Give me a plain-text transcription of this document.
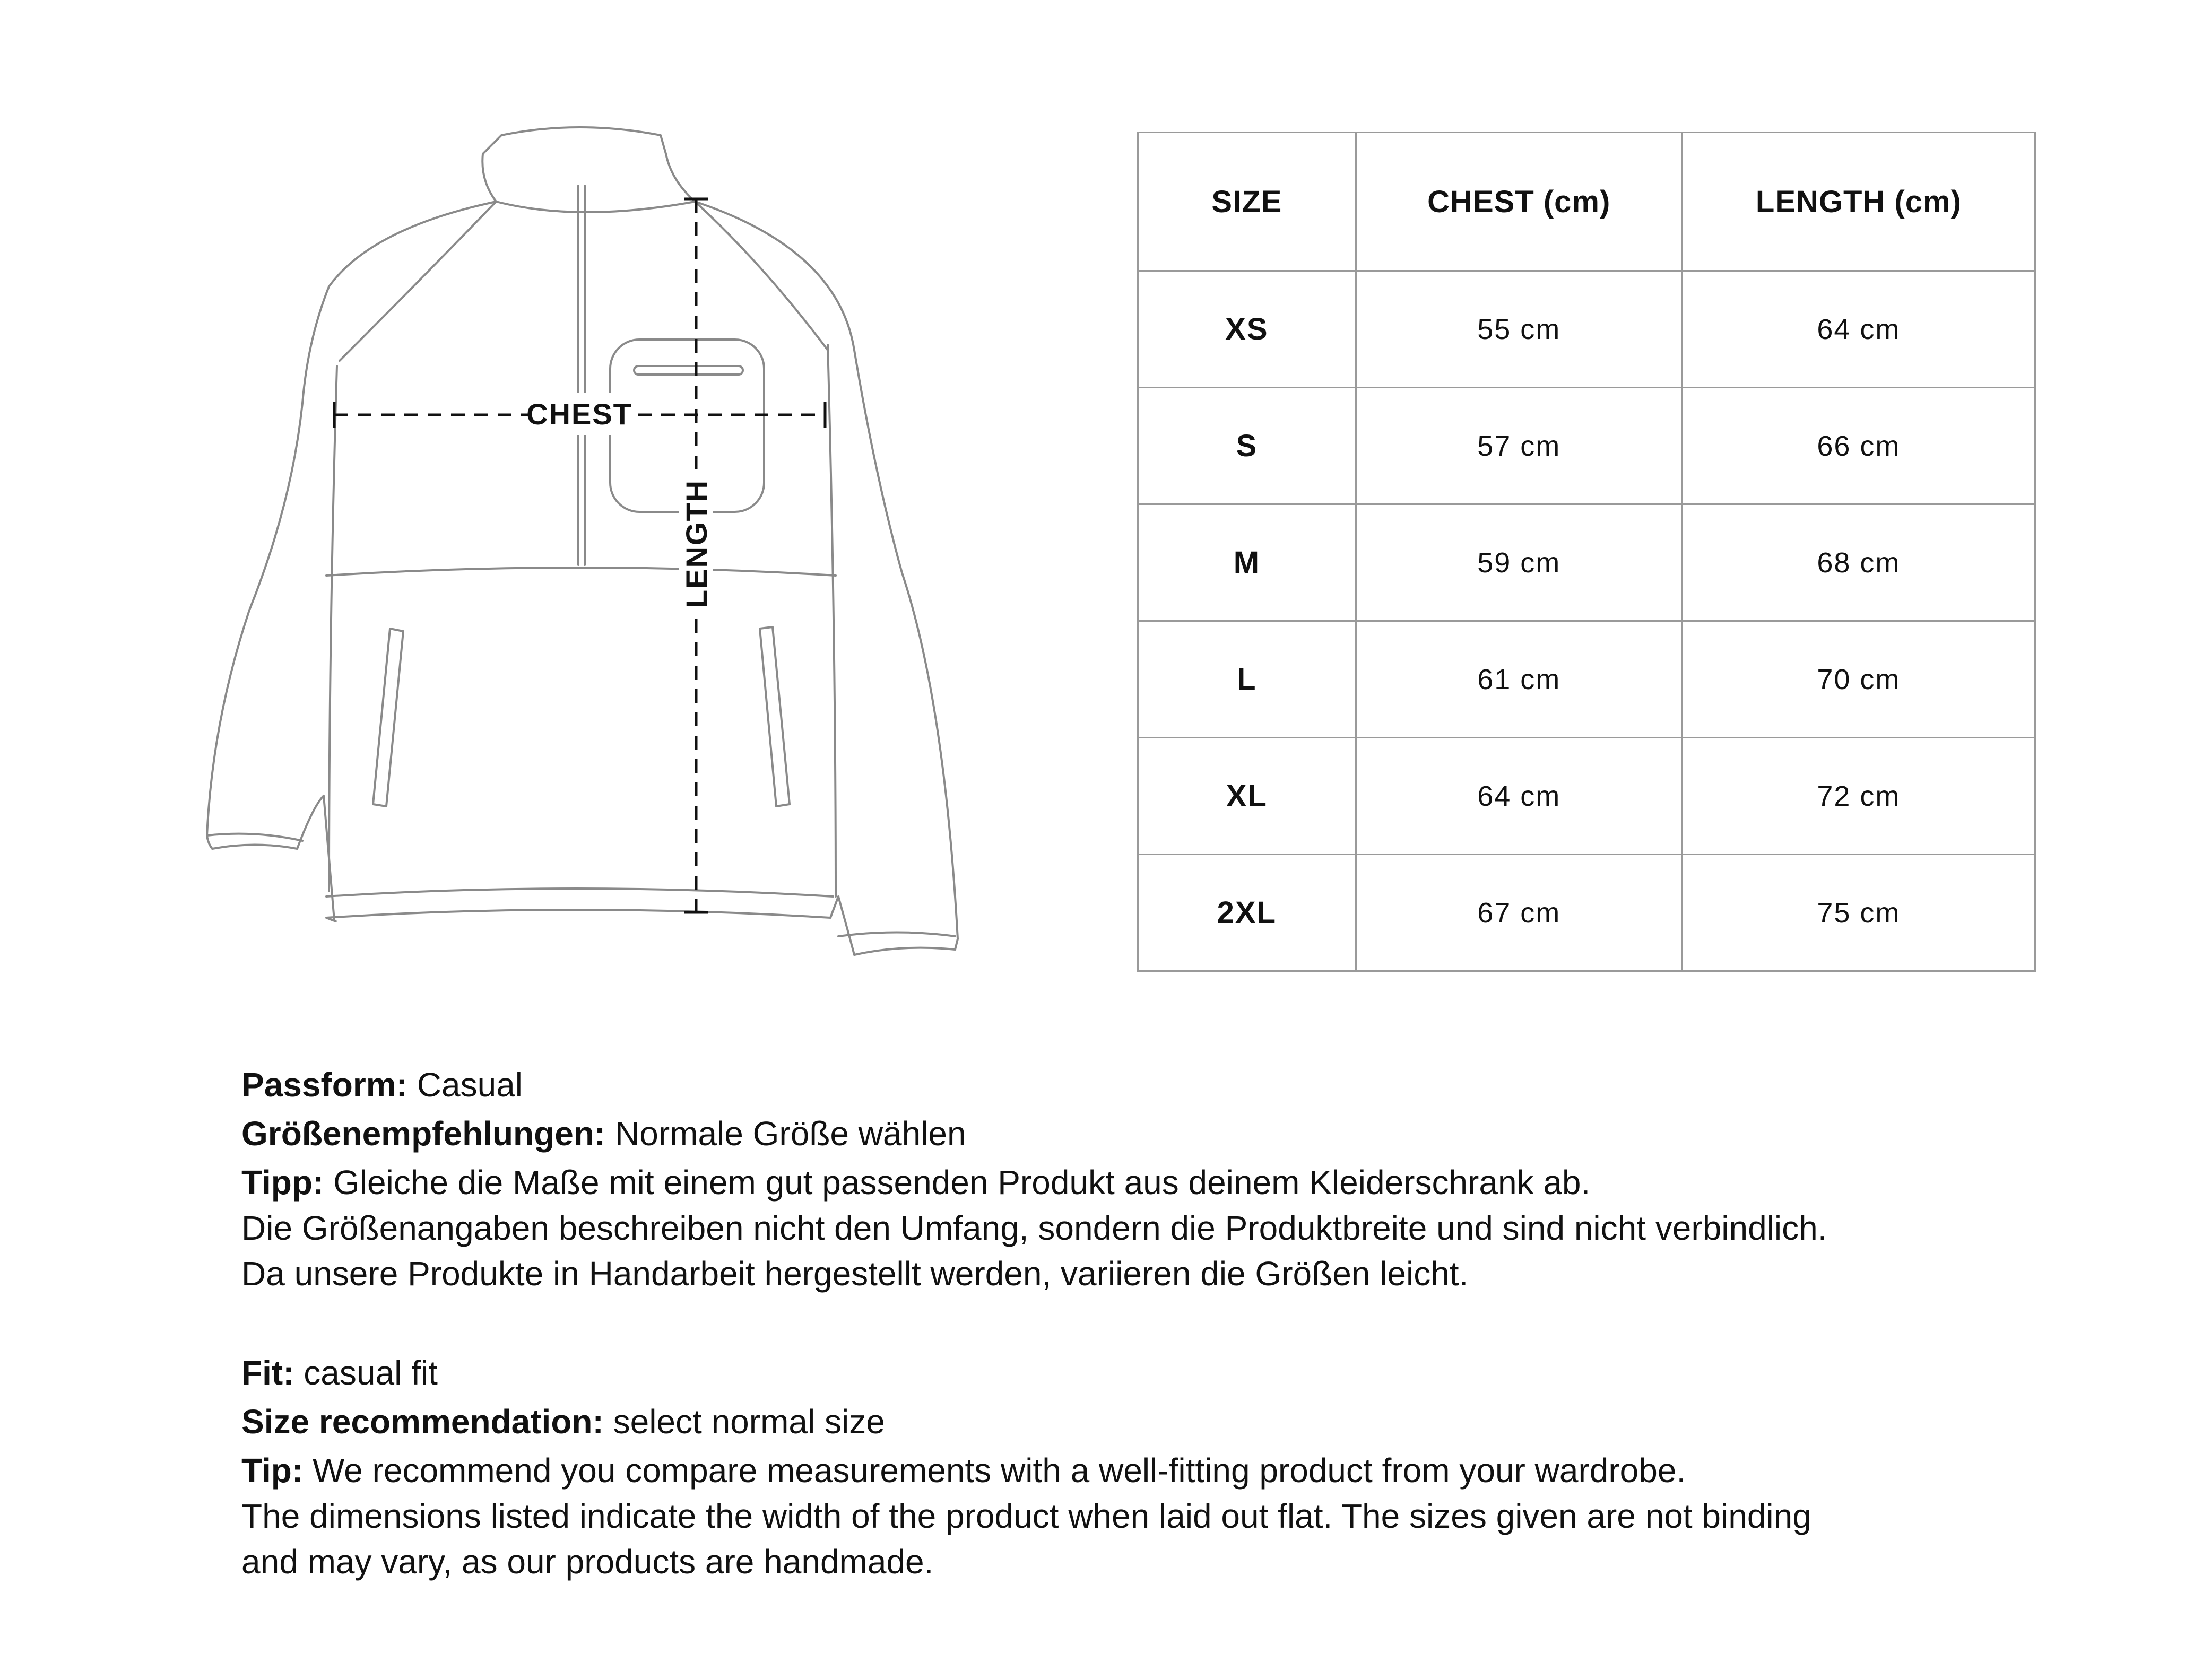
CHEST
LENGTH
SIZE	CHEST (cm)	LENGTH (cm)
XS	55 cm	64 cm
S	57 cm	66 cm
M	59 cm	68 cm
L	61 cm	70 cm
XL	64 cm	72 cm
2XL	67 cm	75 cm

Passform: Casual

Größenempfehlungen: Normale Größe wählen

Tipp: Gleiche die Maße mit einem gut passenden Produkt aus deinem Kleiderschrank ab.

Die Größenangaben beschreiben nicht den Umfang, sondern die Produktbreite und sind nicht verbindlich.

Da unsere Produkte in Handarbeit hergestellt werden, variieren die Größen leicht.

Fit: casual fit

Size recommendation: select normal size

Tip: We recommend you compare measurements with a well-fitting product from your wardrobe.

The dimensions listed indicate the width of the product when laid out flat. The sizes given are not binding

and may vary, as our products are handmade.
